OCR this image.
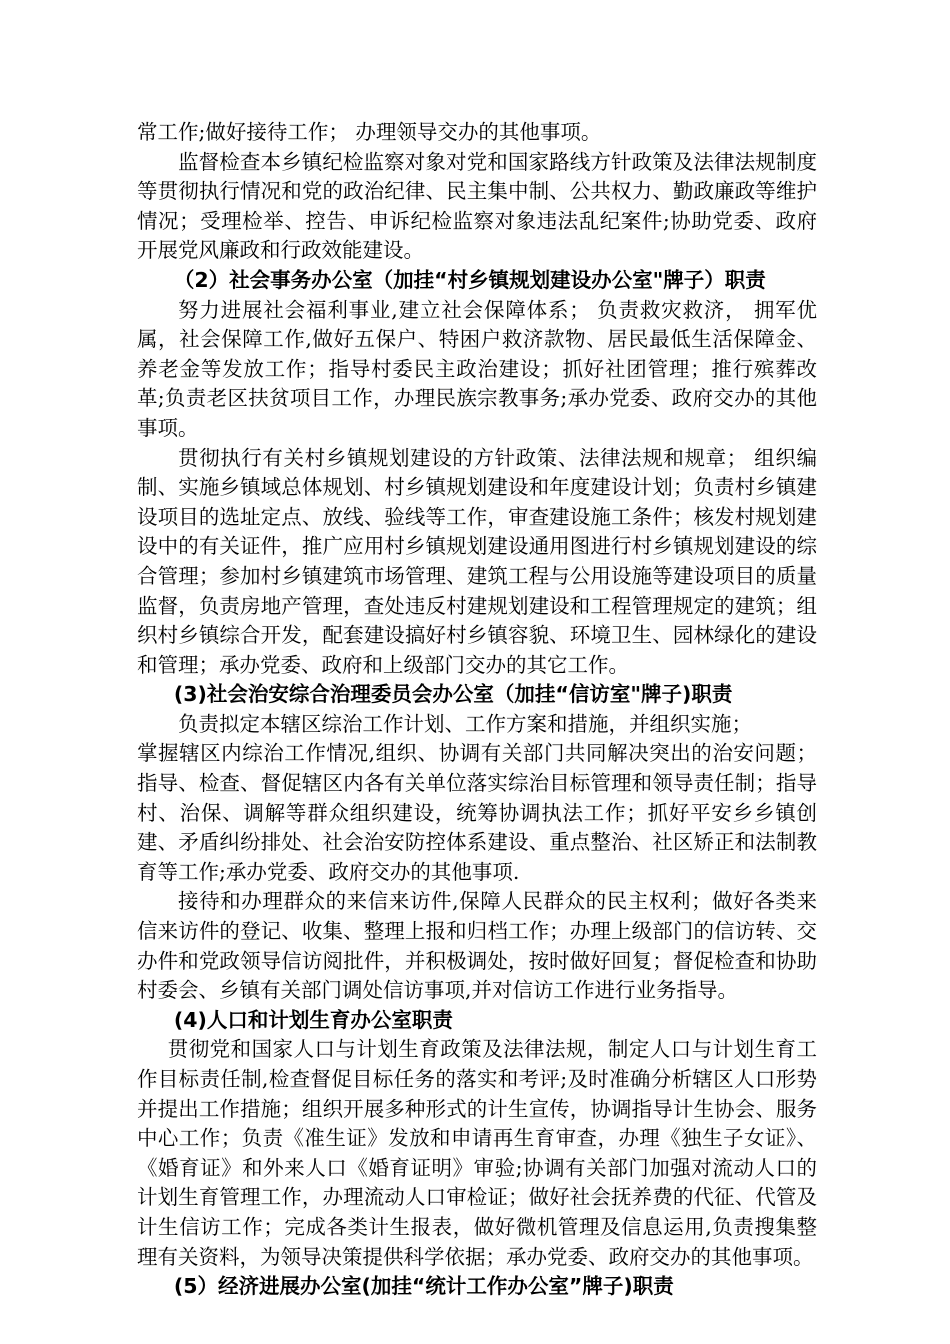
常工作;做好接待工作； 办理领导交办的其他事项。

监督检查本乡镇纪检监察对象对党和国家路线方针政策及法律法规制度等贯彻执行情况和党的政治纪律、民主集中制、公共权力、勤政廉政等维护情况；受理检举、控告、申诉纪检监察对象违法乱纪案件;协助党委、政府开展党风廉政和行政效能建设。

（2）社会事务办公室（加挂“村乡镇规划建设办公室"牌子）职责

努力进展社会福利事业,建立社会保障体系； 负责救灾救济， 拥军优属，社会保障工作,做好五保户、特困户救济款物、居民最低生活保障金、养老金等发放工作；指导村委民主政治建设；抓好社团管理；推行殡葬改革;负责老区扶贫项目工作，办理民族宗教事务;承办党委、政府交办的其他事项。

贯彻执行有关村乡镇规划建设的方针政策、法律法规和规章； 组织编制、实施乡镇域总体规划、村乡镇规划建设和年度建设计划；负责村乡镇建设项目的选址定点、放线、验线等工作，审查建设施工条件；核发村规划建设中的有关证件，推广应用村乡镇规划建设通用图进行村乡镇规划建设的综合管理；参加村乡镇建筑市场管理、建筑工程与公用设施等建设项目的质量监督，负责房地产管理，查处违反村建规划建设和工程管理规定的建筑；组织村乡镇综合开发，配套建设搞好村乡镇容貌、环境卫生、园林绿化的建设和管理；承办党委、政府和上级部门交办的其它工作。

(3)社会治安综合治理委员会办公室（加挂“信访室"牌子)职责

负责拟定本辖区综治工作计划、工作方案和措施，并组织实施；

掌握辖区内综治工作情况,组织、协调有关部门共同解决突出的治安问题；指导、检查、督促辖区内各有关单位落实综治目标管理和领导责任制；指导村、治保、调解等群众组织建设，统筹协调执法工作；抓好平安乡乡镇创建、矛盾纠纷排处、社会治安防控体系建设、重点整治、社区矫正和法制教育等工作;承办党委、政府交办的其他事项.

接待和办理群众的来信来访件,保障人民群众的民主权利；做好各类来信来访件的登记、收集、整理上报和归档工作；办理上级部门的信访转、交办件和党政领导信访阅批件，并积极调处，按时做好回复；督促检查和协助村委会、乡镇有关部门调处信访事项,并对信访工作进行业务指导。

(4)人口和计划生育办公室职责

贯彻党和国家人口与计划生育政策及法律法规，制定人口与计划生育工作目标责任制,检查督促目标任务的落实和考评;及时准确分析辖区人口形势并提出工作措施；组织开展多种形式的计生宣传，协调指导计生协会、服务中心工作；负责《准生证》发放和申请再生育审查，办理《独生子女证》、《婚育证》和外来人口《婚育证明》审验;协调有关部门加强对流动人口的计划生育管理工作，办理流动人口审检证；做好社会抚养费的代征、代管及计生信访工作；完成各类计生报表，做好微机管理及信息运用,负责搜集整理有关资料，为领导决策提供科学依据；承办党委、政府交办的其他事项。

(5）经济进展办公室(加挂“统计工作办公室”牌子)职责
